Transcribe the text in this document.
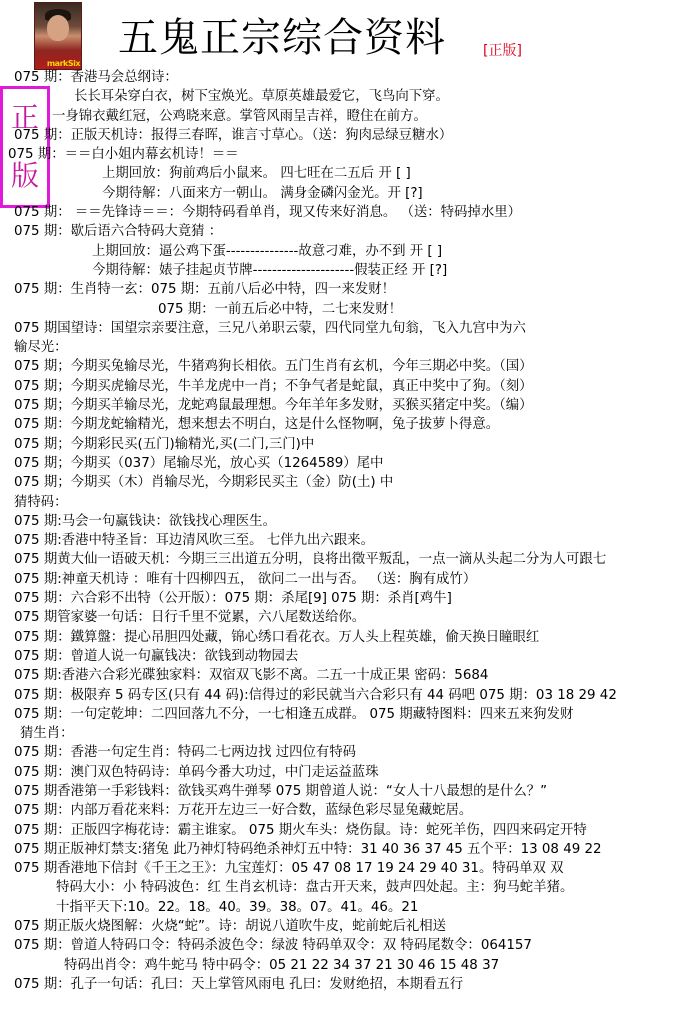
markSix
五鬼正宗综合资料	[正版]
正
版
075 期：香港马会总纲诗：
长长耳朵穿白衣，树下宝焕光。草原英雄最爱它，飞鸟向下穿。
一身锦衣戴红冠，公鸡晓来意。掌管风雨呈吉祥，瞪住在前方。
075 期：正版天机诗：报得三春晖，谁言寸草心。（送：狗肉忌绿豆糖水）
075 期：＝＝白小姐内幕玄机诗！＝＝
上期回放：狗前鸡后小鼠来。 四七旺在二五后 开 [ ]
今期待解：八面来方一朝山。 满身金磷闪金光。开 [?]
075 期： ＝＝先锋诗＝＝：今期特码看单肖，现又传来好消息。 （送：特码掉水里）
075 期：歇后语六合特码大竟猜 ：
上期回放：逼公鸡下蛋---------------故意刁难，办不到 开 [ ]
今期待解：婊子挂起贞节牌---------------------假装正经 开 [?]
075 期：生肖特一玄：075 期：五前八后必中特，四一来发财！
075 期：一前五后必中特，二七来发财！
075 期国望诗：国望宗亲要注意，三兄八弟职云蒙，四代同堂九旬翁，飞入九宫中为六
输尽光：
075 期；今期买兔输尽光，牛猪鸡狗长相依。五门生肖有玄机，今年三期必中奖。（国）
075 期；今期买虎输尽光，牛羊龙虎中一肖；不争气者是蛇鼠，真正中奖中了狗。（刻）
075 期；今期买羊输尽光，龙蛇鸡鼠最理想。今年羊年多发财，买猴买猪定中奖。（编）
075 期：今期龙蛇输精光，想来想去不明白，这是什么怪物啊，兔子拔萝卜得意。
075 期；今期彩民买(五门)输精光,买(二门,三门)中
075 期；今期买（037）尾输尽光，放心买（1264589）尾中
075 期；今期买（木）肖输尽光，今期彩民买主（金）防(土) 中
猜特码：
075 期:马会一句赢钱诀：欲钱找心理医生。
075 期:香港中特圣旨：耳边清风吹三至。 七伴九出六跟来。
075 期黄大仙一语破天机：今期三三出道五分明，良将出徵平叛乱，一点一滴从头起二分为人可跟七
075 期:神童天机诗 ：唯有十四柳四五， 欲问二一出与否。 （送：胸有成竹）
075 期：六合彩不出特（公开版）：075 期：杀尾[9] 075 期：杀肖[鸡牛]
075 期管家婆一句话：日行千里不觉累，六八尾数送给你。
075 期：鐵算盤：提心吊胆四处藏，锦心绣口看花衣。万人头上程英雄，偷天换日瞳眼红
075 期：曾道人说一句赢钱决：欲钱到动物园去
075 期:香港六合彩光碟独家料：双宿双飞影不离。二五一十成正果 密码：5684
075 期：极限弃 5 码专区(只有 44 码):信得过的彩民就当六合彩只有 44 码吧 075 期：03 18 29 42
075 期：一句定乾坤：二四回落九不分，一七相逢五成群。 075 期藏特图料：四来五来狗发财
猜生肖：
075 期：香港一句定生肖：特码二七两边找 过四位有特码
075 期：澳门双色特码诗：单码今番大功过，中门走运益蓝珠
075 期香港第一手彩钱料：欲钱买鸡牛弹琴 075 期曾道人说：“女人十八最想的是什么？”
075 期：内部万看花来料：万花开左边三一好合数，蓝绿色彩尽显兔藏蛇居。
075 期：正版四字梅花诗：霸主谁家。 075 期火车头：烧伤鼠。诗：蛇死羊伤，四四来码定开特
075 期正版神灯禁支:猪兔 此乃神灯特码绝杀神灯五中特：31 40 36 37 45 五个平：13 08 49 22
075 期香港地下信封《千王之王》：九宝莲灯：05 47 08 17 19 24 29 40 31。特码单双 双
特码大小：小 特码波色：红 生肖玄机诗：盘古开天来，鼓声四处起。主：狗马蛇羊猪。
十指平天下:10。22。18。40。39。38。07。41。46。21
075 期正版火烧图解：火烧“蛇”。诗：胡说八道吹牛皮，蛇前蛇后礼相送
075 期：曾道人特码口令：特码杀波色令：绿波 特码单双令：双 特码尾数令：064157
特码出肖令：鸡牛蛇马 特中码令：05 21 22 34 37 21 30 46 15 48 37
075 期：孔子一句话：孔曰：天上掌管风雨电 孔曰：发财绝招，本期看五行
